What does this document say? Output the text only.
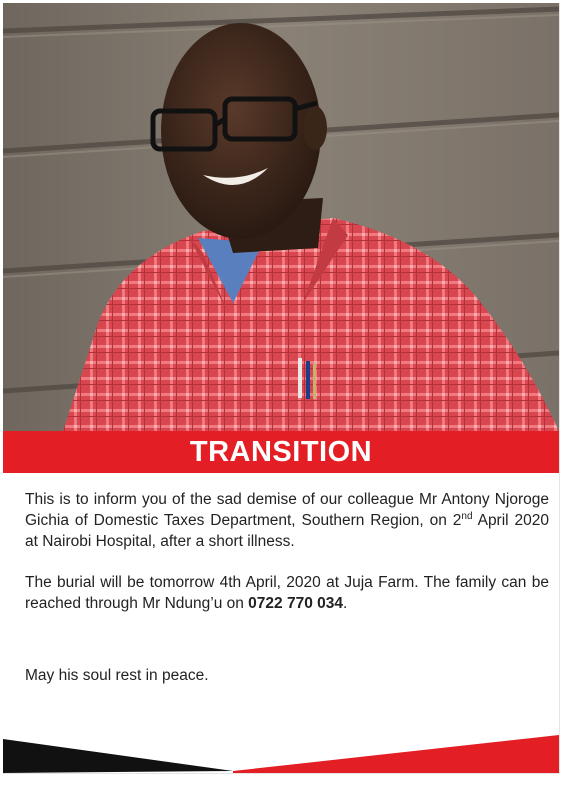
TRANSITION

This is to inform you of the sad demise of our colleague Mr Antony Njoroge Gichia of Domestic Taxes Department, Southern Region, on 2nd April 2020 at Nairobi Hospital, after a short illness.

The burial will be tomorrow 4th April, 2020 at Juja Farm. The family can be reached through Mr Ndung’u on 0722 770 034.

May his soul rest in peace.
